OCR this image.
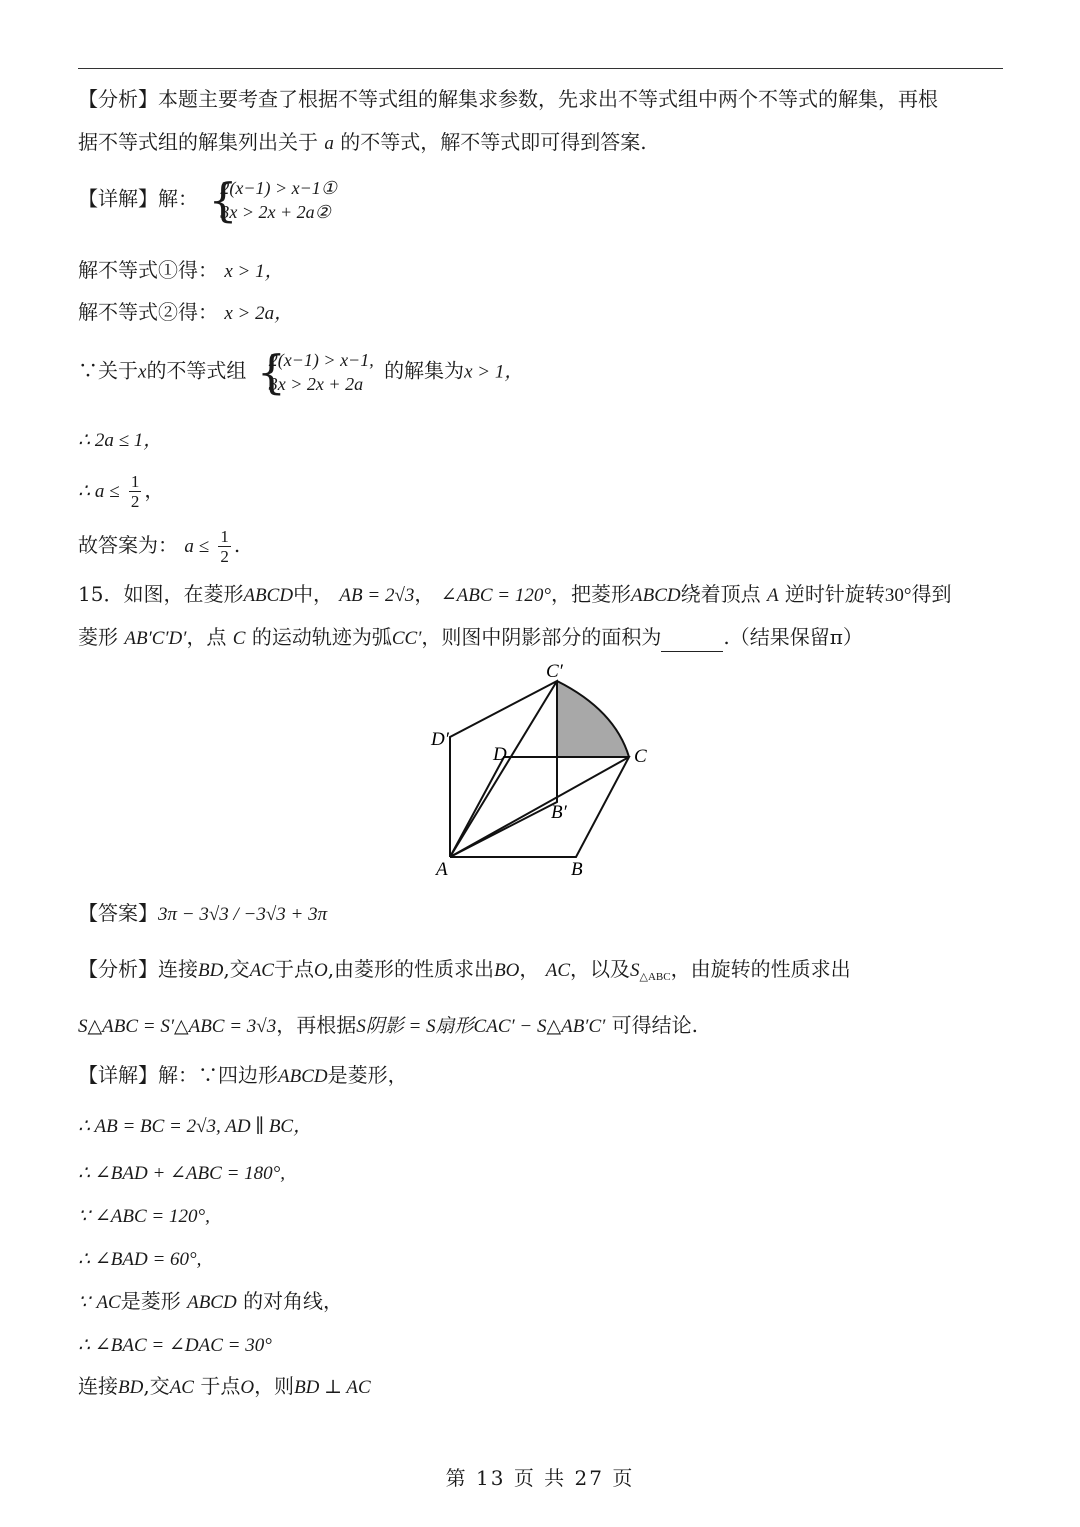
【分析】本题主要考查了根据不等式组的解集求参数，先求出不等式组中两个不等式的解集，再根
据不等式组的解集列出关于 a 的不等式，解不等式即可得到答案.
【详解】解： {
2(x−1) > x−1①
3x > 2x + 2a②
解不等式①得： x > 1，
解不等式②得： x > 2a，
∵关于x的不等式组 {
2(x−1) > x−1,
3x > 2x + 2a
的解集为x > 1，
∴ 2a ≤ 1，
∴ $a \le \frac{1}{2}$ ，
故答案为： $a \le \frac{1}{2}$ .
15．如图，在菱形ABCD中， AB = 2√3， ∠ABC = 120°，把菱形ABCD绕着顶点 A 逆时针旋转30°得到
菱形 AB′C′D′，点 C 的运动轨迹为弧CC′，则图中阴影部分的面积为	.（结果保留π）
C′
D′
D	C
B′
A	B
【答案】3π − 3√3 / −3√3 + 3π
【分析】连接BD,交AC于点O,由菱形的性质求出BO， AC，以及$S_{\triangle ABC}$，由旋转的性质求出
S△ABC = S′△ABC = 3√3，再根据S阴影 = S扇形CAC′ − S△AB′C′ 可得结论.
【详解】解：∵四边形ABCD是菱形，
∴ AB = BC = 2√3, AD ∥ BC，
∴ ∠BAD + ∠ABC = 180°,
∵ ∠ABC = 120°,
∴ ∠BAD = 60°,
∵ AC是菱形 ABCD 的对角线，
∴ ∠BAC = ∠DAC = 30°
连接BD,交AC 于点O，则BD ⊥ AC
第 13 页 共 27 页
